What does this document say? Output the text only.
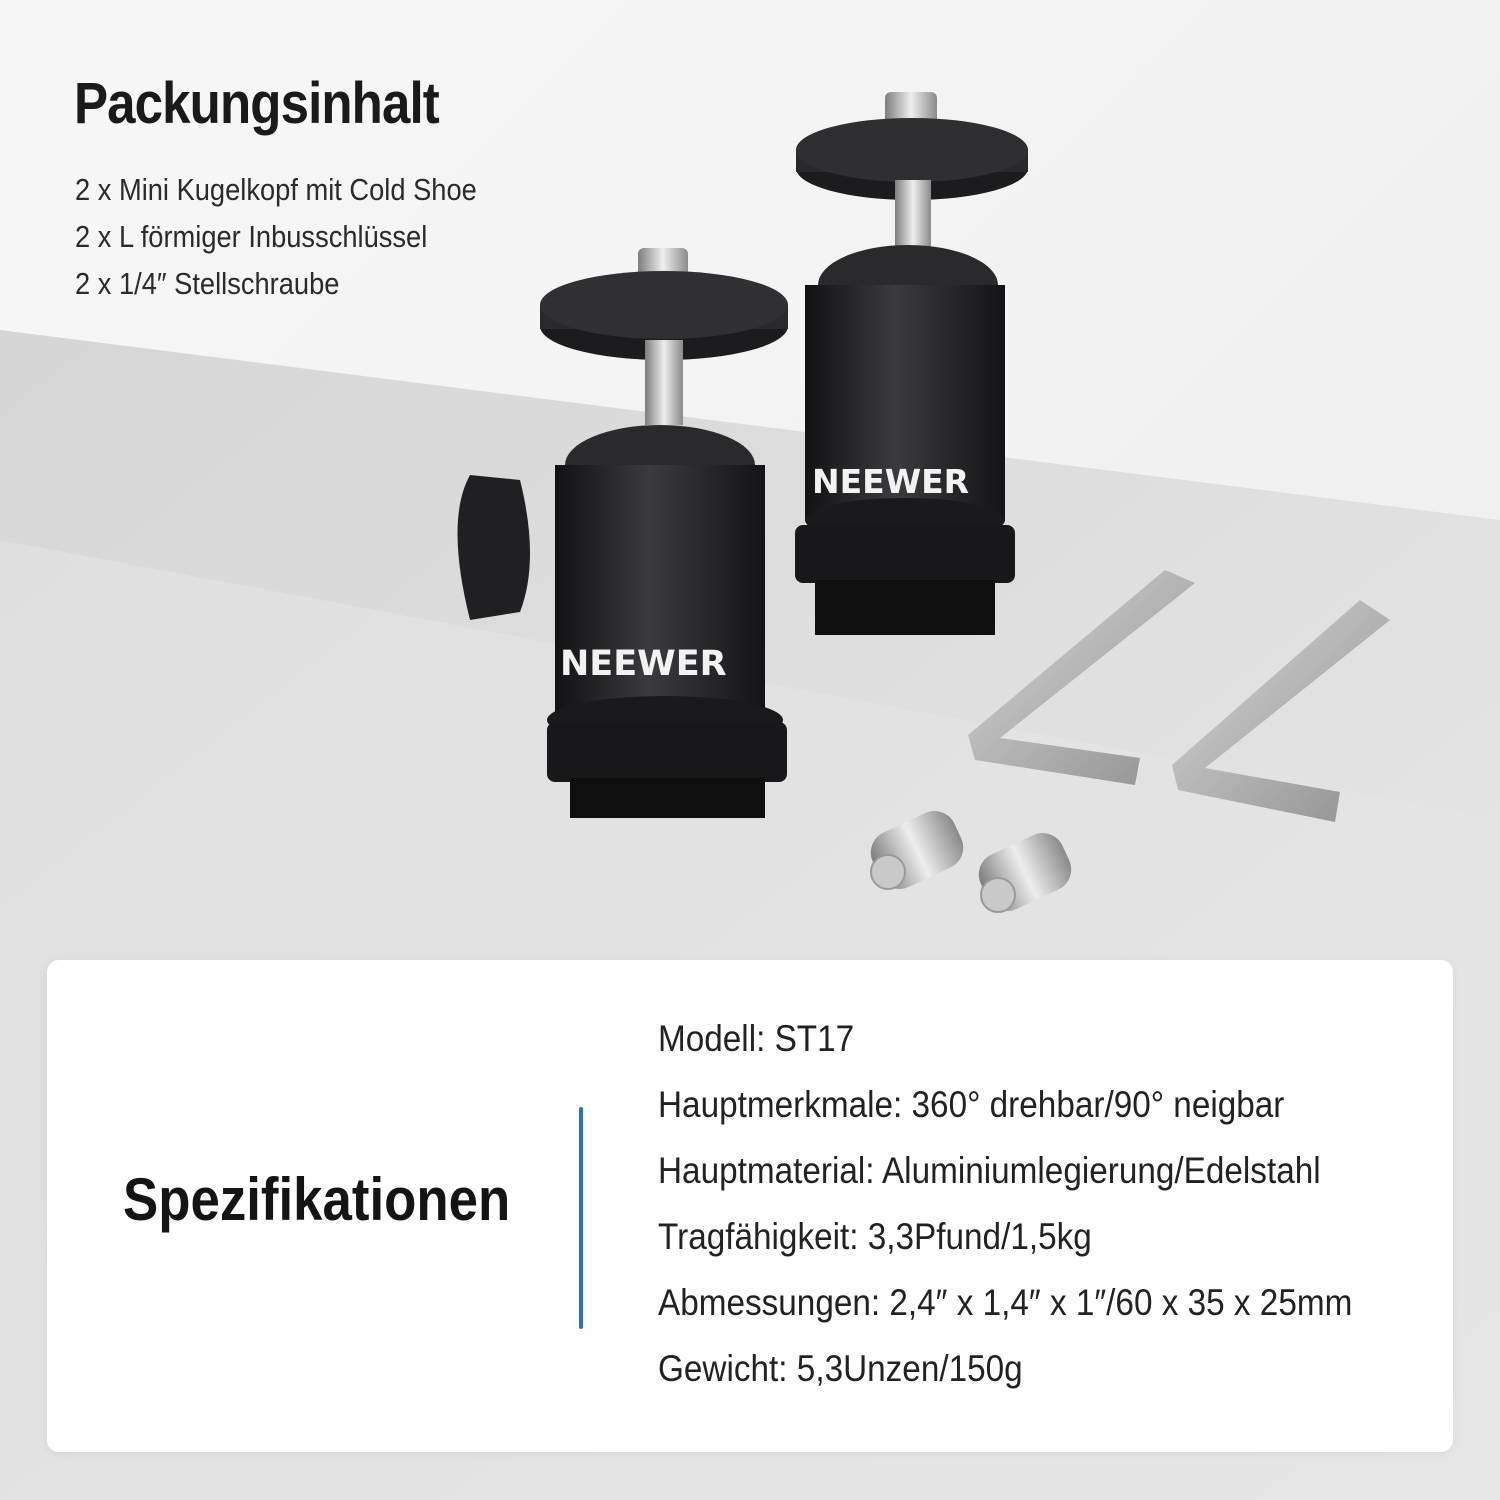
Packungsinhalt
2 x Mini Kugelkopf mit Cold Shoe
2 x L förmiger Inbusschlüssel
2 x 1/4″ Stellschraube
NEEWER
NEEWER
Spezifikationen
Modell: ST17
Hauptmerkmale: 360° drehbar/90° neigbar
Hauptmaterial: Aluminiumlegierung/Edelstahl
Tragfähigkeit: 3,3Pfund/1,5kg
Abmessungen: 2,4″ x 1,4″ x 1″/60 x 35 x 25mm
Gewicht: 5,3Unzen/150g
